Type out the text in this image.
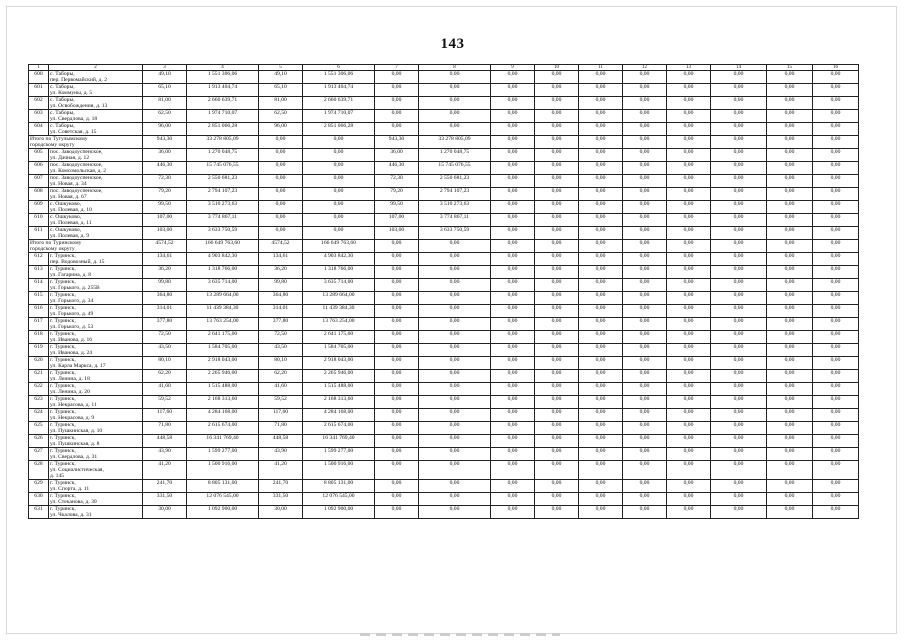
143
1	2	3	4	5	6	7	8	9	10	11	12	13	14	15	16
600	с. Таборы,
пер. Первомайский, д. 2	49,10	1 551 306,06	49,10	1 551 306,06	0,00	0,00	0,00	0,00	0,00	0,00	0,00	0,00	0,00	0,00
601	с. Таборы,
ул. Коммуны, д. 5	65,10	1 913 404,74	65,10	1 913 404,74	0,00	0,00	0,00	0,00	0,00	0,00	0,00	0,00	0,00	0,00
602	с. Таборы,
ул. Освобождения, д. 13	81,00	2 660 639,71	81,00	2 660 639,71	0,00	0,00	0,00	0,00	0,00	0,00	0,00	0,00	0,00	0,00
603	с. Таборы,
ул. Свердлова, д. 18	62,50	1 974 710,07	62,50	1 974 710,07	0,00	0,00	0,00	0,00	0,00	0,00	0,00	0,00	0,00	0,00
604	с. Таборы,
ул. Советская, д. 15	96,00	2 851 066,28	96,00	2 851 066,28	0,00	0,00	0,00	0,00	0,00	0,00	0,00	0,00	0,00	0,00
Итого по Тугулымскому
городскому округу		943,30	33 278 805,09	0,00	0,00	943,30	33 278 805,09	0,00	0,00	0,00	0,00	0,00	0,00	0,00	0,00
605	пос. Заводоуспенское,
ул. Дачная, д. 12	36,00	1 270 048,75	0,00	0,00	36,00	1 270 048,75	0,00	0,00	0,00	0,00	0,00	0,00	0,00	0,00
606	пос. Заводоуспенское,
ул. Комсомольская, д. 2	446,30	15 745 076,55	0,00	0,00	446,30	15 745 076,55	0,00	0,00	0,00	0,00	0,00	0,00	0,00	0,00
607	пос. Заводоуспенское,
ул. Новая, д. 34	72,30	2 550 681,23	0,00	0,00	72,30	2 550 681,23	0,00	0,00	0,00	0,00	0,00	0,00	0,00	0,00
608	пос. Заводоуспенское,
ул. Новая, д. 67	79,20	2 794 107,23	0,00	0,00	79,20	2 794 107,23	0,00	0,00	0,00	0,00	0,00	0,00	0,00	0,00
609	с. Ошкуково,
ул. Полевая, д. 10	99,50	3 510 273,63	0,00	0,00	99,50	3 510 273,63	0,00	0,00	0,00	0,00	0,00	0,00	0,00	0,00
610	с. Ошкуково,
ул. Полевая, д. 11	107,00	3 774 867,11	0,00	0,00	107,00	3 774 867,11	0,00	0,00	0,00	0,00	0,00	0,00	0,00	0,00
611	с. Ошкуково,
ул. Полевая, д. 9	103,00	3 633 750,59	0,00	0,00	103,00	3 633 750,59	0,00	0,00	0,00	0,00	0,00	0,00	0,00	0,00
Итого по Туринскому
городскому округу		4574,52	166 649 763,60	4574,52	166 649 763,60	0,00	0,00	0,00	0,00	0,00	0,00	0,00	0,00	0,00	0,00
612	г. Туринск,
пер. Водовозный, д. 15	134,61	4 903 842,30	134,61	4 903 842,30	0,00	0,00	0,00	0,00	0,00	0,00	0,00	0,00	0,00	0,00
613	г. Туринск,
ул. Гагарина, д. 8	36,20	1 318 766,00	36,20	1 318 766,00	0,00	0,00	0,00	0,00	0,00	0,00	0,00	0,00	0,00	0,00
614	г. Туринск,
ул. Горького, д. 255В	99,80	3 635 714,00	99,80	3 635 714,00	0,00	0,00	0,00	0,00	0,00	0,00	0,00	0,00	0,00	0,00
615	г. Туринск,
ул. Горького, д. 34	364,80	13 289 664,00	364,80	13 289 664,00	0,00	0,00	0,00	0,00	0,00	0,00	0,00	0,00	0,00	0,00
616	г. Туринск,
ул. Горького, д. 49	314,01	11 439 384,30	314,01	11 439 384,30	0,00	0,00	0,00	0,00	0,00	0,00	0,00	0,00	0,00	0,00
617	г. Туринск,
ул. Горького, д. 53	377,80	13 763 254,00	377,80	13 763 254,00	0,00	0,00	0,00	0,00	0,00	0,00	0,00	0,00	0,00	0,00
618	г. Туринск,
ул. Иванова, д. 16	72,50	2 641 175,00	72,50	2 641 175,00	0,00	0,00	0,00	0,00	0,00	0,00	0,00	0,00	0,00	0,00
619	г. Туринск,
ул. Иванова, д. 24	43,50	1 584 705,00	43,50	1 584 705,00	0,00	0,00	0,00	0,00	0,00	0,00	0,00	0,00	0,00	0,00
620	г. Туринск,
ул. Карла Маркса, д. 17	80,10	2 918 043,00	80,10	2 918 043,00	0,00	0,00	0,00	0,00	0,00	0,00	0,00	0,00	0,00	0,00
621	г. Туринск,
ул. Ленина, д. 18	62,20	2 265 946,00	62,20	2 265 946,00	0,00	0,00	0,00	0,00	0,00	0,00	0,00	0,00	0,00	0,00
622	г. Туринск,
ул. Ленина, д. 20	41,60	1 515 488,00	41,60	1 515 488,00	0,00	0,00	0,00	0,00	0,00	0,00	0,00	0,00	0,00	0,00
623	г. Туринск,
ул. Некрасова, д. 11	59,52	2 168 313,60	59,52	2 168 313,60	0,00	0,00	0,00	0,00	0,00	0,00	0,00	0,00	0,00	0,00
624	г. Туринск,
ул. Некрасова, д. 9	117,60	4 284 168,00	117,60	4 284 168,00	0,00	0,00	0,00	0,00	0,00	0,00	0,00	0,00	0,00	0,00
625	г. Туринск,
ул. Пушкинская, д. 10	71,80	2 615 674,00	71,80	2 615 674,00	0,00	0,00	0,00	0,00	0,00	0,00	0,00	0,00	0,00	0,00
626	г. Туринск,
ул. Пушкинская, д. 8	448,58	16 341 769,40	448,58	16 341 769,40	0,00	0,00	0,00	0,00	0,00	0,00	0,00	0,00	0,00	0,00
627	г. Туринск,
ул. Свердлова, д. 31	43,90	1 599 277,00	43,90	1 599 277,00	0,00	0,00	0,00	0,00	0,00	0,00	0,00	0,00	0,00	0,00
628	г. Туринск,
ул. Социалистическая,
д. 145	41,20	1 500 916,00	41,20	1 500 916,00	0,00	0,00	0,00	0,00	0,00	0,00	0,00	0,00	0,00	0,00
629	г. Туринск,
ул. Спорта, д. 11	241,70	8 805 131,00	241,70	8 805 131,00	0,00	0,00	0,00	0,00	0,00	0,00	0,00	0,00	0,00	0,00
630	г. Туринск,
ул. Стеканова, д. 30	331,50	12 076 545,00	331,50	12 076 545,00	0,00	0,00	0,00	0,00	0,00	0,00	0,00	0,00	0,00	0,00
631	г. Туринск,
ул. Чкалова, д. 31	30,00	1 092 900,00	30,00	1 092 900,00	0,00	0,00	0,00	0,00	0,00	0,00	0,00	0,00	0,00	0,00
